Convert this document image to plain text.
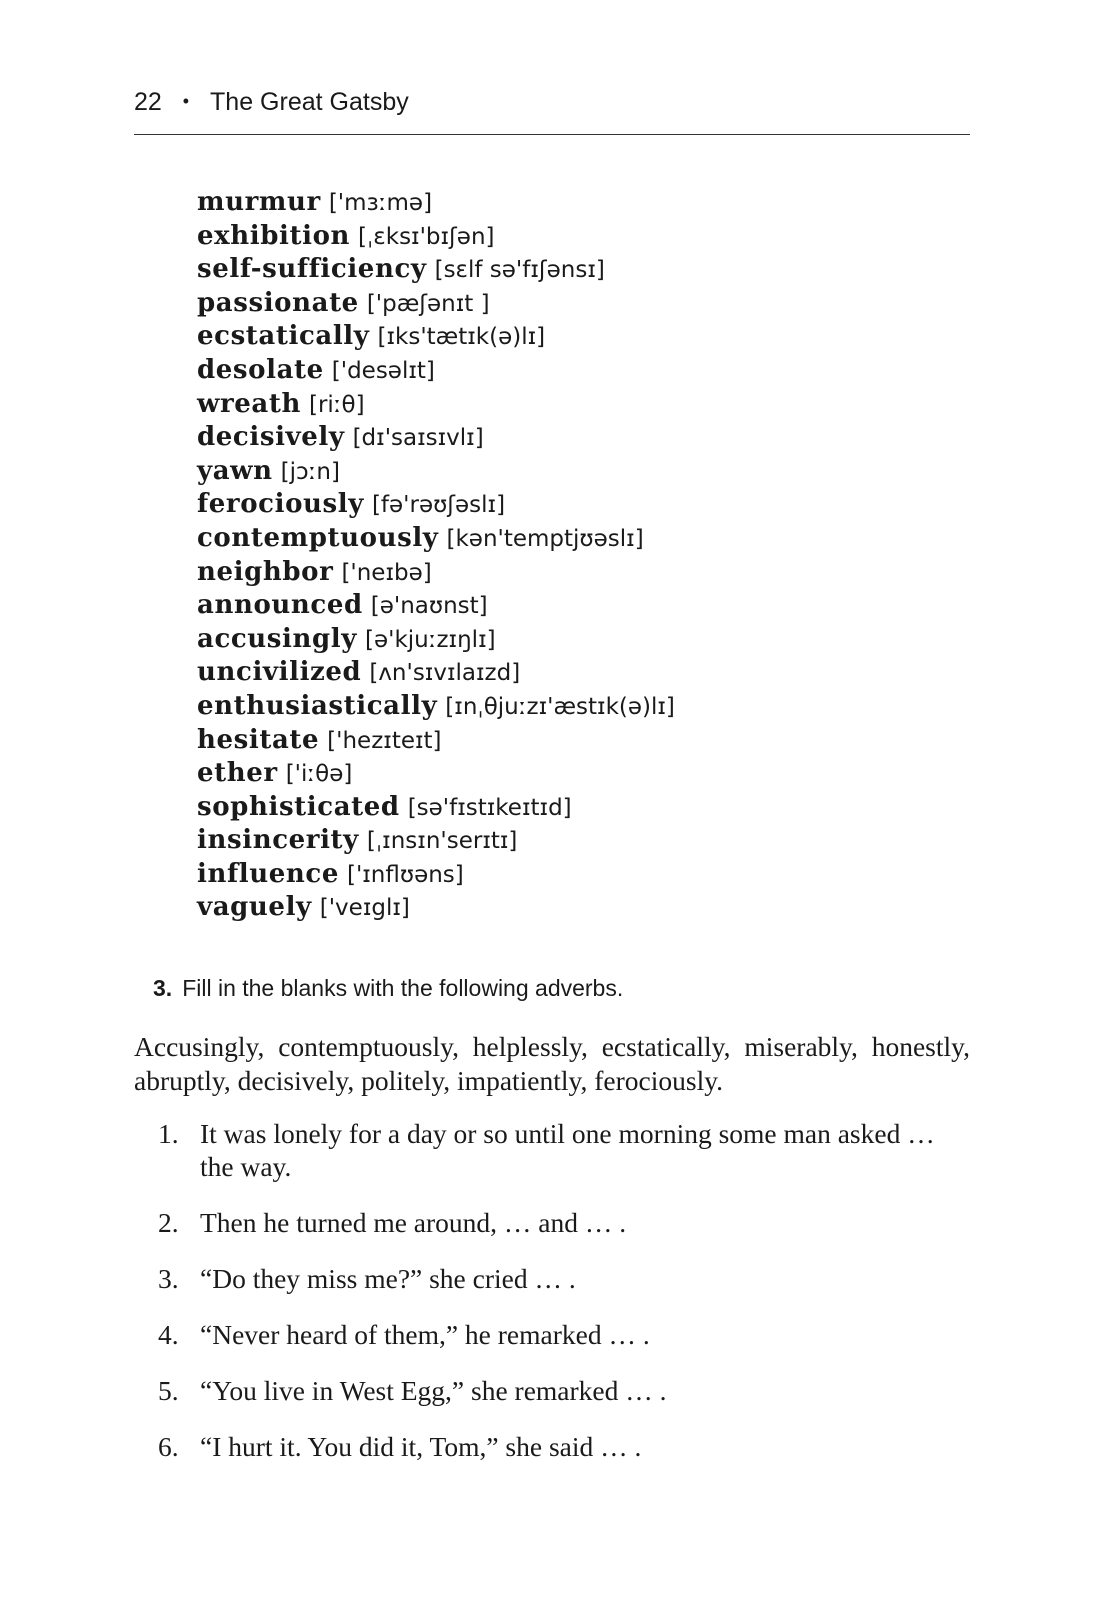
22 • The Great Gatsby
murmur ['mɜːmə]
exhibition [ˌɛksɪ'bɪʃən]
self-sufficiency [sɛlf sə'fɪʃənsɪ]
passionate ['pæʃənɪt ]
ecstatically [ɪks'tætɪk(ə)lɪ]
desolate ['desəlɪt]
wreath [riːθ]
decisively [dɪ'saɪsɪvlɪ]
yawn [jɔːn]
ferociously [fə'rəʊʃəslɪ]
contemptuously [kən'temptjʊəslɪ]
neighbor ['neɪbə]
announced [ə'naʊnst]
accusingly [ə'kjuːzɪŋlɪ]
uncivilized [ʌn'sɪvɪlaɪzd]
enthusiastically [ɪnˌθjuːzɪ'æstɪk(ə)lɪ]
hesitate ['hezɪteɪt]
ether ['iːθə]
sophisticated [sə'fɪstɪkeɪtɪd]
insincerity [ˌɪnsɪn'serɪtɪ]
influence ['ɪnflʊəns]
vaguely ['veɪglɪ]
3. Fill in the blanks with the following adverbs.

Accusingly, contemptuously, helplessly, ecstatically, miserably, honestly, abruptly, decisively, politely, impatiently, ferociously.

1. It was lonely for a day or so until one morning some man asked … the way.
2. Then he turned me around, … and … .
3. “Do they miss me?” she cried … .
4. “Never heard of them,” he remarked … .
5. “You live in West Egg,” she remarked … .
6. “I hurt it. You did it, Tom,” she said … .
